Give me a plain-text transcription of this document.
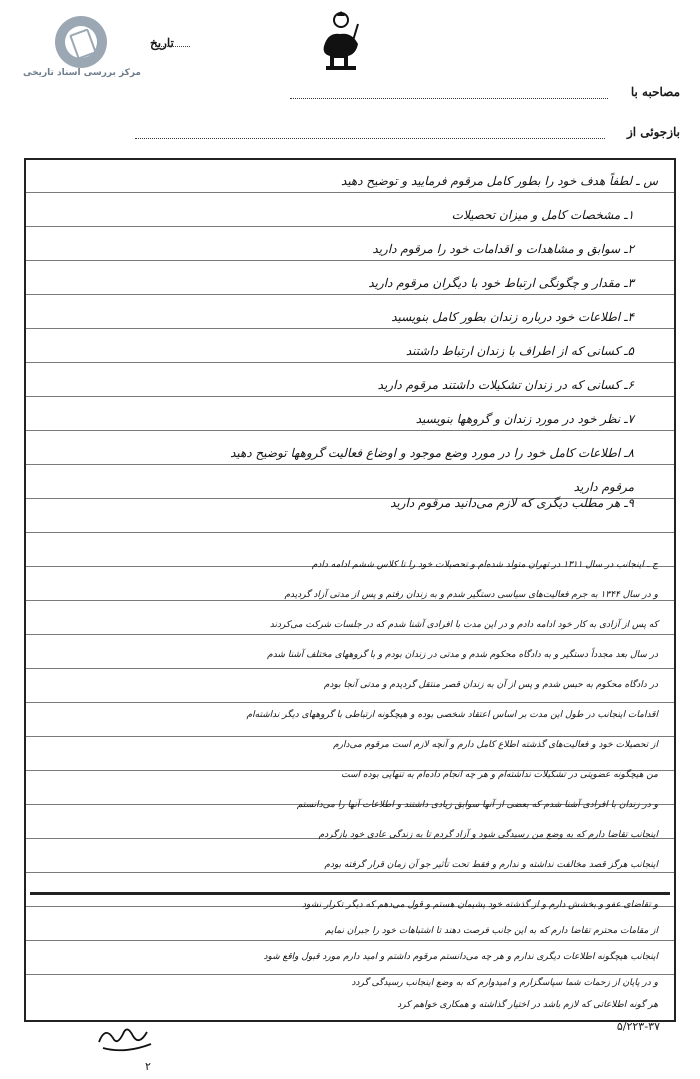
مرکز بررسی اسناد تاریخی
تاریخ
مصاحبه با
بازجوئی از
س ـ لطفاً هدف خود را بطور کامل مرقوم فرمایید و توضیح دهید
۱ـ مشخصات کامل و میزان تحصیلات
۲ـ سوابق و مشاهدات و اقدامات خود را مرقوم دارید
۳ـ مقدار و چگونگی ارتباط خود با دیگران مرقوم دارید
۴ـ اطلاعات خود درباره زندان بطور کامل بنویسید
۵ـ کسانی که از اطراف با زندان ارتباط داشتند
۶ـ کسانی که در زندان تشکیلات داشتند مرقوم دارید
۷ـ نظر خود در مورد زندان و گروهها بنویسید
۸ـ اطلاعات کامل خود را در مورد وضع موجود و اوضاع فعالیت گروهها توضیح دهید
مرقوم دارید
۹ـ هر مطلب دیگری که لازم می‌دانید مرقوم دارید
ج ـ اینجانب در سال ۱۳۱۱ در تهران متولد شده‌ام و تحصیلات خود را تا کلاس ششم ادامه دادم
و در سال ۱۳۴۴ به جرم فعالیت‌های سیاسی دستگیر شدم و به زندان رفتم و پس از مدتی آزاد گردیدم
که پس از آزادی به کار خود ادامه دادم و در این مدت با افرادی آشنا شدم که در جلسات شرکت می‌کردند
در سال بعد مجدداً دستگیر و به دادگاه محکوم شدم و مدتی در زندان بودم و با گروههای مختلف آشنا شدم
در دادگاه محکوم به حبس شدم و پس از آن به زندان قصر منتقل گردیدم و مدتی آنجا بودم
اقدامات اینجانب در طول این مدت بر اساس اعتقاد شخصی بوده و هیچگونه ارتباطی با گروههای دیگر نداشته‌ام
از تحصیلات خود و فعالیت‌های گذشته اطلاع کامل دارم و آنچه لازم است مرقوم می‌دارم
من هیچگونه عضویتی در تشکیلات نداشته‌ام و هر چه انجام داده‌ام به تنهایی بوده است
و در زندان با افرادی آشنا شدم که بعضی از آنها سوابق زیادی داشتند و اطلاعات آنها را می‌دانستم
اینجانب تقاضا دارم که به وضع من رسیدگی شود و آزاد گردم تا به زندگی عادی خود بازگردم
اینجانب هرگز قصد مخالفت نداشته و ندارم و فقط تحت تأثیر جو آن زمان قرار گرفته بودم
و تقاضای عفو و بخشش دارم و از گذشته خود پشیمان هستم و قول می‌دهم که دیگر تکرار نشود
از مقامات محترم تقاضا دارم که به این جانب فرصت دهند تا اشتباهات خود را جبران نمایم
اینجانب هیچگونه اطلاعات دیگری ندارم و هر چه می‌دانستم مرقوم داشتم و امید دارم مورد قبول واقع شود
و در پایان از زحمات شما سپاسگزارم و امیدوارم که به وضع اینجانب رسیدگی گردد
هر گونه اطلاعاتی که لازم باشد در اختیار گذاشته و همکاری خواهم کرد
۵/۲۲۳-۳۷
۲
